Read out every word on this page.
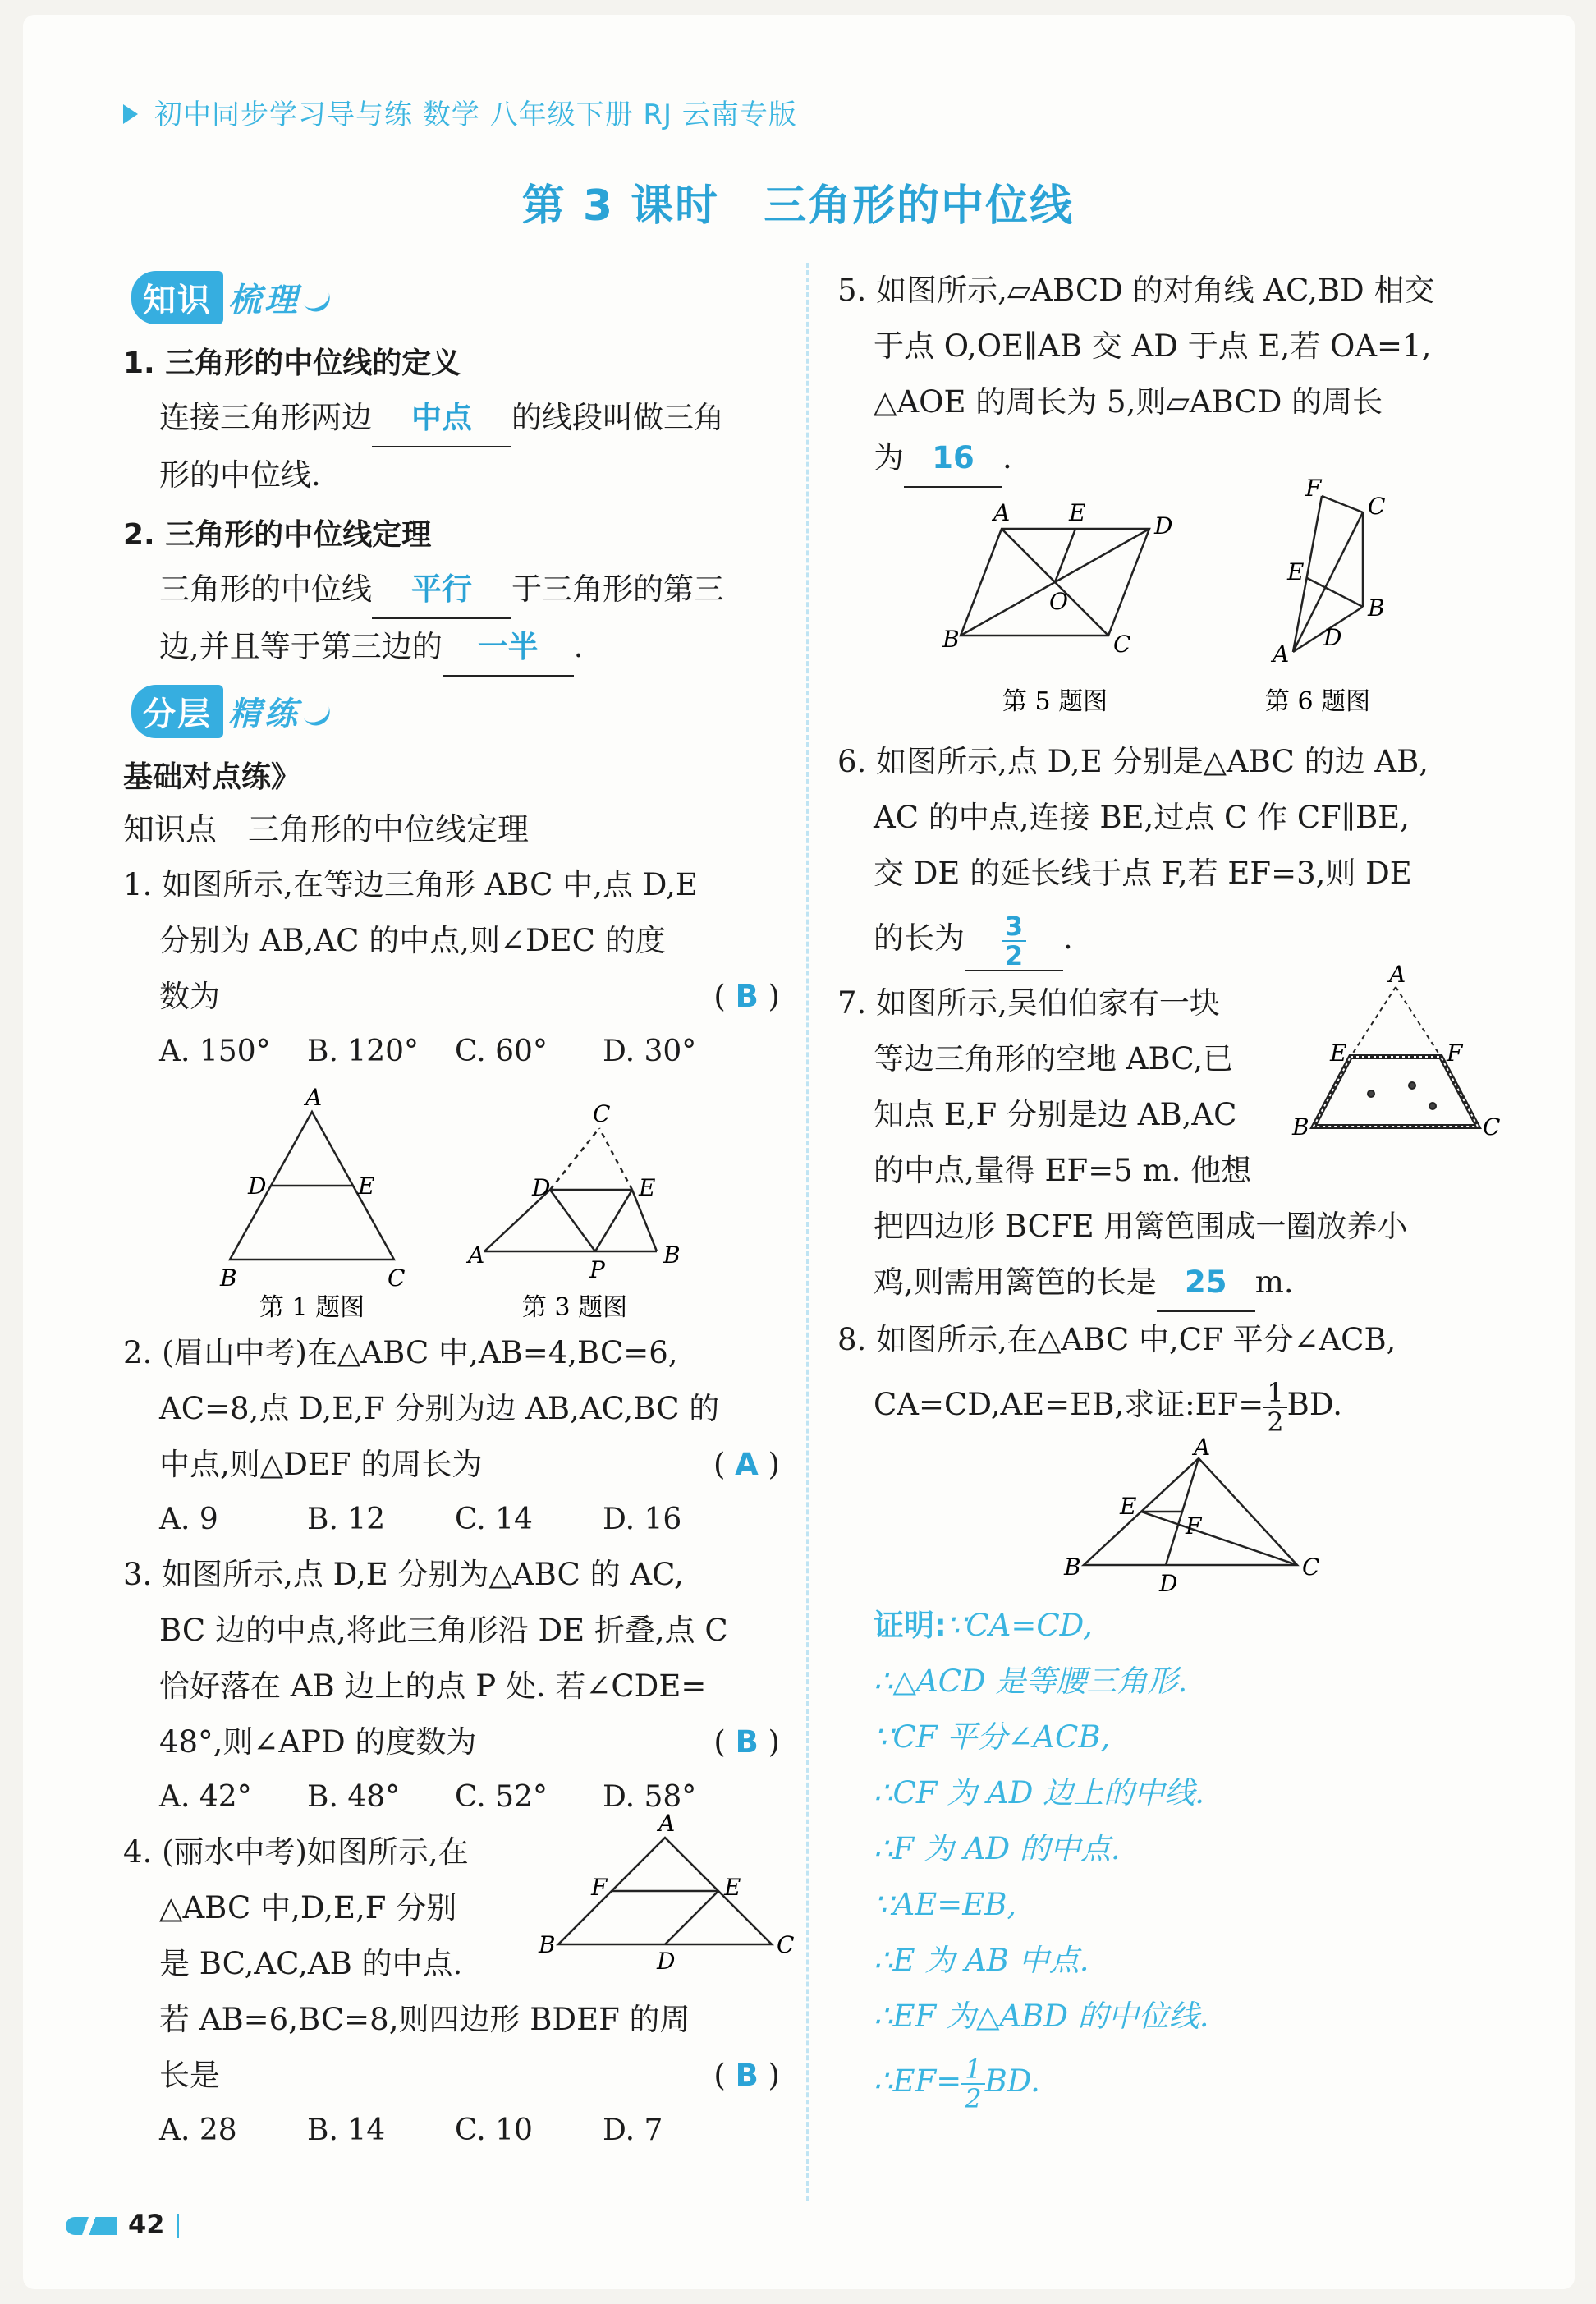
初中同步学习导与练 数学 八年级下册 RJ 云南专版
第 3 课时　三角形的中位线
知识 梳理
1. 三角形的中位线的定义
连接三角形两边 中点 的线段叫做三角
形的中位线.
2. 三角形的中位线定理
三角形的中位线 平行 于三角形的第三
边,并且等于第三边的 一半 .
分层 精练
基础对点练》
知识点　三角形的中位线定理
1. 如图所示,在等边三角形 ABC 中,点 D,E
分别为 AB,AC 的中点,则∠DEC 的度
数为	( B )
A. 150°	B. 120°	C. 60°	D. 30°
A
D	E
B	C
第 1 题图
C
D	E
A	B
P
第 3 题图
2. (眉山中考)在△ABC 中,AB=4,BC=6,
AC=8,点 D,E,F 分别为边 AB,AC,BC 的
中点,则△DEF 的周长为	( A )
A. 9	B. 12	C. 14	D. 16
3. 如图所示,点 D,E 分别为△ABC 的 AC,
BC 边的中点,将此三角形沿 DE 折叠,点 C
恰好落在 AB 边上的点 P 处. 若∠CDE=
48°,则∠APD 的度数为	( B )
A. 42°	B. 48°	C. 52°	D. 58°
4. (丽水中考)如图所示,在
△ABC 中,D,E,F 分别
是 BC,AC,AB 的中点.
若 AB=6,BC=8,则四边形 BDEF 的周
长是	( B )
A
F	E
B
D
C
A. 28	B. 14	C. 10	D. 7
5. 如图所示,▱ABCD 的对角线 AC,BD 相交
于点 O,OE∥AB 交 AD 于点 E,若 OA=1,
△AOE 的周长为 5,则▱ABCD 的周长
为 16 .
A	E	D
O
B	C
第 5 题图
F
C
E
B
D
A
第 6 题图
6. 如图所示,点 D,E 分别是△ABC 的边 AB,
AC 的中点,连接 BE,过点 C 作 CF∥BE,
交 DE 的延长线于点 F,若 EF=3,则 DE
的长为 $\frac{3}{2}$ .
7. 如图所示,吴伯伯家有一块
等边三角形的空地 ABC,已
知点 E,F 分别是边 AB,AC
的中点,量得 EF=5 m. 他想
把四边形 BCFE 用篱笆围成一圈放养小
鸡,则需用篱笆的长是 25 m.
A
E	F
B	C
8. 如图所示,在△ABC 中,CF 平分∠ACB,
CA=CD,AE=EB,求证:EF= $\frac{1}{2}$ BD.
A
E
F
B
D
C
证明:∵CA=CD,
∴△ACD 是等腰三角形.
∵CF 平分∠ACB,
∴CF 为 AD 边上的中线.
∴F 为 AD 的中点.
∵AE=EB,
∴E 为 AB 中点.
∴EF 为△ABD 的中位线.
∴EF= $\frac{1}{2}$ BD.
42
